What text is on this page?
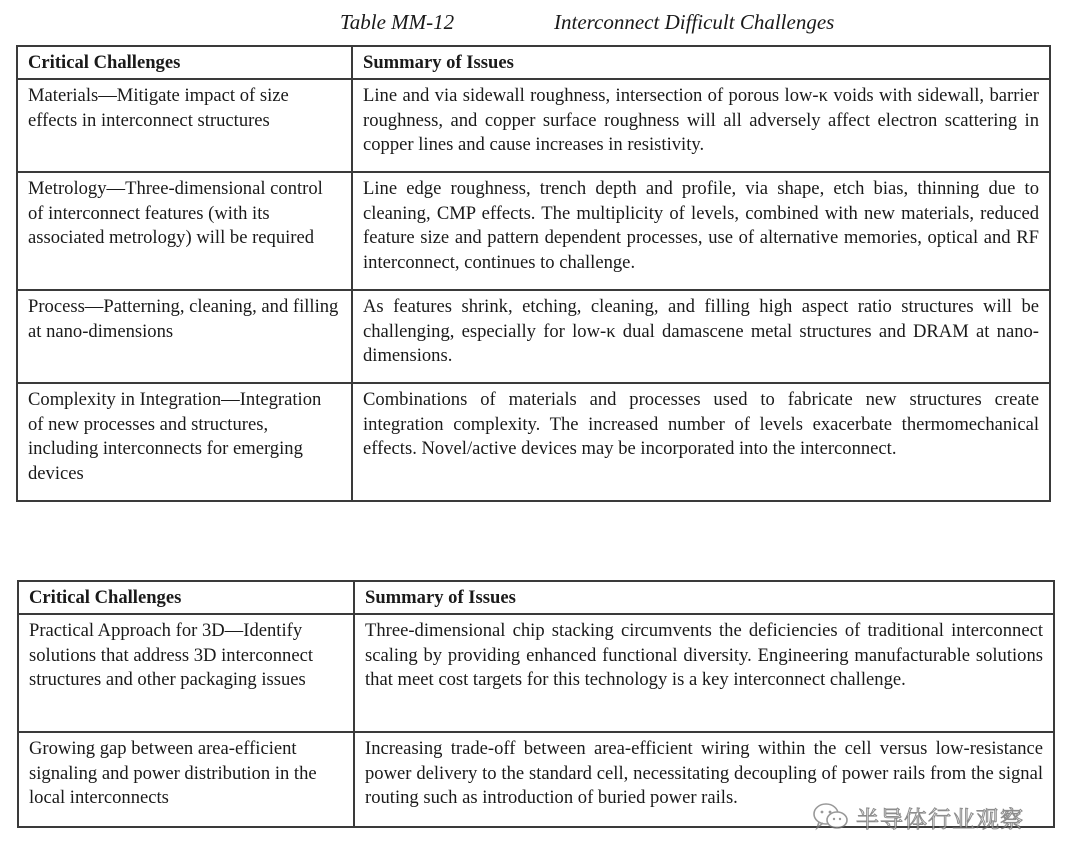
Table MM-12	Interconnect Difficult Challenges
Critical Challenges	Summary of Issues
Materials—Mitigate impact of size effects in interconnect structures	Line and via sidewall roughness, intersection of porous low-κ voids with sidewall, barrier roughness, and copper surface roughness will all adversely affect electron scattering in copper lines and cause increases in resistivity.
Metrology—Three-dimensional control of interconnect features (with its associated metrology) will be required	Line edge roughness, trench depth and profile, via shape, etch bias, thinning due to cleaning, CMP effects. The multiplicity of levels, combined with new materials, reduced feature size and pattern dependent processes, use of alternative memories, optical and RF interconnect, continues to challenge.
Process—Patterning, cleaning, and filling at nano-dimensions	As features shrink, etching, cleaning, and filling high aspect ratio structures will be challenging, especially for low-κ dual damascene metal structures and DRAM at nano-dimensions.
Complexity in Integration—Integration of new processes and structures, including interconnects for emerging devices	Combinations of materials and processes used to fabricate new structures create integration complexity. The increased number of levels exacerbate thermomechanical effects. Novel/active devices may be incorporated into the interconnect.
Critical Challenges	Summary of Issues
Practical Approach for 3D—Identify solutions that address 3D interconnect structures and other packaging issues	Three-dimensional chip stacking circumvents the deficiencies of traditional interconnect scaling by providing enhanced functional diversity. Engineering manufacturable solutions that meet cost targets for this technology is a key interconnect challenge.
Growing gap between area-efficient signaling and power distribution in the local interconnects	Increasing trade-off between area-efficient wiring within the cell versus low-resistance power delivery to the standard cell, necessitating decoupling of power rails from the signal routing such as introduction of buried power rails.
半导体行业观察
